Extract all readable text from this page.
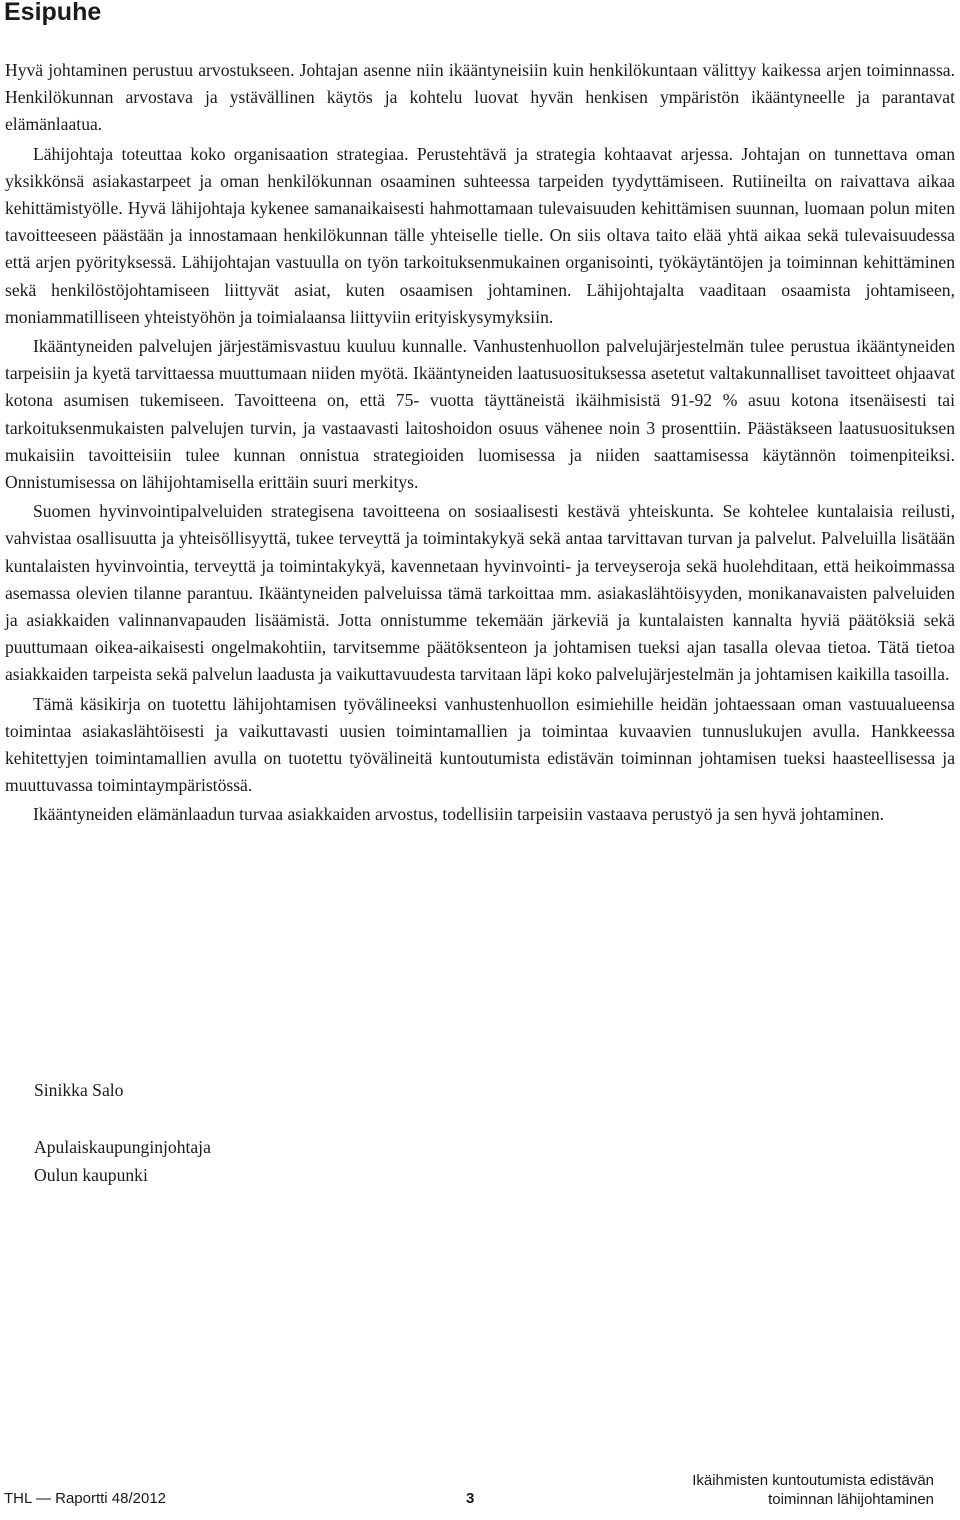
Esipuhe

Hyvä johtaminen perustuu arvostukseen. Johtajan asenne niin ikääntyneisiin kuin henkilökuntaan välittyy kaikessa arjen toiminnassa. Henkilökunnan arvostava ja ystävällinen käytös ja kohtelu luovat hyvän henkisen ympäristön ikääntyneelle ja parantavat elämänlaatua.

Lähijohtaja toteuttaa koko organisaation strategiaa. Perustehtävä ja strategia kohtaavat arjessa. Johtajan on tunnettava oman yksikkönsä asiakastarpeet ja oman henkilökunnan osaaminen suhteessa tarpeiden tyydyttämiseen. Rutiineilta on raivattava aikaa kehittämistyölle. Hyvä lähijohtaja kykenee samanaikaisesti hahmottamaan tulevaisuuden kehittämisen suunnan, luomaan polun miten tavoitteeseen päästään ja innostamaan henkilökunnan tälle yhteiselle tielle. On siis oltava taito elää yhtä aikaa sekä tulevaisuudessa että arjen pyörityksessä. Lähijohtajan vastuulla on työn tarkoituksenmukainen organisointi, työkäytäntöjen ja toiminnan kehittäminen sekä henkilöstöjohtamiseen liittyvät asiat, kuten osaamisen johtaminen. Lähijohtajalta vaaditaan osaamista johtamiseen, moniammatilliseen yhteistyöhön ja toimialaansa liittyviin erityiskysymyksiin.

Ikääntyneiden palvelujen järjestämisvastuu kuuluu kunnalle. Vanhustenhuollon palvelujärjestelmän tulee perustua ikääntyneiden tarpeisiin ja kyetä tarvittaessa muuttumaan niiden myötä. Ikääntyneiden laatusuosituksessa asetetut valtakunnalliset tavoitteet ohjaavat kotona asumisen tukemiseen. Tavoitteena on, että 75- vuotta täyttäneistä ikäihmisistä 91-92 % asuu kotona itsenäisesti tai tarkoituksenmukaisten palvelujen turvin, ja vastaavasti laitoshoidon osuus vähenee noin 3 prosenttiin. Päästäkseen laatusuosituksen mukaisiin tavoitteisiin tulee kunnan onnistua strategioiden luomisessa ja niiden saattamisessa käytännön toimenpiteiksi. Onnistumisessa on lähijohtamisella erittäin suuri merkitys.

Suomen hyvinvointipalveluiden strategisena tavoitteena on sosiaalisesti kestävä yhteiskunta. Se kohtelee kuntalaisia reilusti, vahvistaa osallisuutta ja yhteisöllisyyttä, tukee terveyttä ja toimintakykyä sekä antaa tarvittavan turvan ja palvelut. Palveluilla lisätään kuntalaisten hyvinvointia, terveyttä ja toimintakykyä, kavennetaan hyvinvointi- ja terveyseroja sekä huolehditaan, että heikoimmassa asemassa olevien tilanne parantuu. Ikääntyneiden palveluissa tämä tarkoittaa mm. asiakaslähtöisyyden, monikanavaisten palveluiden ja asiakkaiden valinnanvapauden lisäämistä. Jotta onnistumme tekemään järkeviä ja kuntalaisten kannalta hyviä päätöksiä sekä puuttumaan oikea-aikaisesti ongelmakohtiin, tarvitsemme päätöksenteon ja johtamisen tueksi ajan tasalla olevaa tietoa. Tätä tietoa asiakkaiden tarpeista sekä palvelun laadusta ja vaikuttavuudesta tarvitaan läpi koko palvelujärjestelmän ja johtamisen kaikilla tasoilla.

Tämä käsikirja on tuotettu lähijohtamisen työvälineeksi vanhustenhuollon esimiehille heidän johtaessaan oman vastuualueensa toimintaa asiakaslähtöisesti ja vaikuttavasti uusien toimintamallien ja toimintaa kuvaavien tunnuslukujen avulla. Hankkeessa kehitettyjen toimintamallien avulla on tuotettu työvälineitä kuntoutumista edistävän toiminnan johtamisen tueksi haasteellisessa ja muuttuvassa toimintaympäristössä.

Ikääntyneiden elämänlaadun turvaa asiakkaiden arvostus, todellisiin tarpeisiin vastaava perustyö ja sen hyvä johtaminen.

Sinikka Salo
Apulaiskaupunginjohtaja
Oulun kaupunki
THL — Raportti 48/2012	3
Ikäihmisten kuntoutumista edistävän
toiminnan lähijohtaminen
